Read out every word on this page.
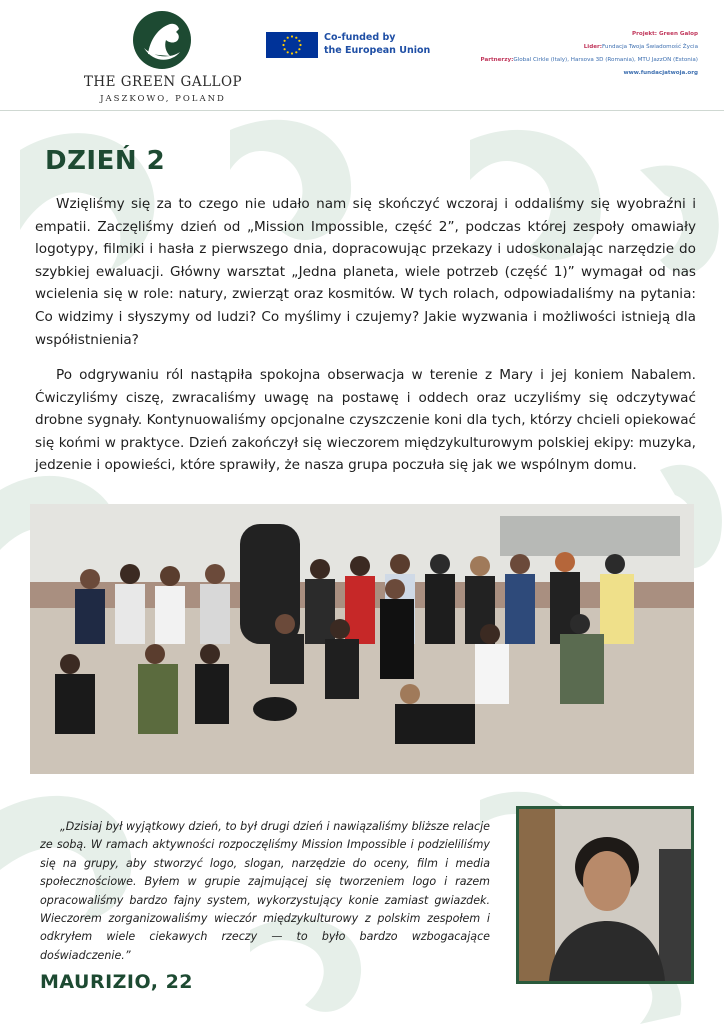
THE GREEN GALLOP
JASZKOWO, POLAND
Co-funded by
the European Union
Projekt: Green Galop
Lider:Fundacja Twoja Świadomość Życia
Partnerzy:Global Cirkle (Italy), Harsova 3D (Romania), MTU JazzON (Estonia)
www.fundacjatwoja.org
DZIEŃ 2

Wzięliśmy się za to czego nie udało nam się skończyć wczoraj i oddaliśmy się wyobraźni i empatii. Zaczęliśmy dzień od „Mission Impossible, część 2”, podczas której zespoły omawiały logotypy, filmiki i hasła z pierwszego dnia, dopracowując przekazy i udoskonalając narzędzie do szybkiej ewaluacji. Główny warsztat „Jedna planeta, wiele potrzeb (część 1)” wymagał od nas wcielenia się w role: natury, zwierząt oraz kosmitów. W tych rolach, odpowiadaliśmy na pytania: Co widzimy i słyszymy od ludzi? Co myślimy i czujemy? Jakie wyzwania i możliwości istnieją dla współistnienia?

Po odgrywaniu ról nastąpiła spokojna obserwacja w terenie z Mary i jej koniem Nabalem. Ćwiczyliśmy ciszę, zwracaliśmy uwagę na postawę i oddech oraz uczyliśmy się odczytywać drobne sygnały. Kontynuowaliśmy opcjonalne czyszczenie koni dla tych, którzy chcieli opiekować się końmi w praktyce. Dzień zakończył się wieczorem międzykulturowym polskiej ekipy: muzyka, jedzenie i opowieści, które sprawiły, że nasza grupa poczuła się jak we wspólnym domu.

„Dzisiaj był wyjątkowy dzień, to był drugi dzień i nawiązaliśmy bliższe relacje ze sobą. W ramach aktywności rozpoczęliśmy Mission Impossible i podzieliliśmy się na grupy, aby stworzyć logo, slogan, narzędzie do oceny, film i media społecznościowe. Byłem w grupie zajmującej się tworzeniem logo i razem opracowaliśmy bardzo fajny system, wykorzystujący konie zamiast gwiazdek. Wieczorem zorganizowaliśmy wieczór międzykulturowy z polskim zespołem i odkryłem wiele ciekawych rzeczy — to było bardzo wzbogacające doświadczenie.”

MAURIZIO, 22
